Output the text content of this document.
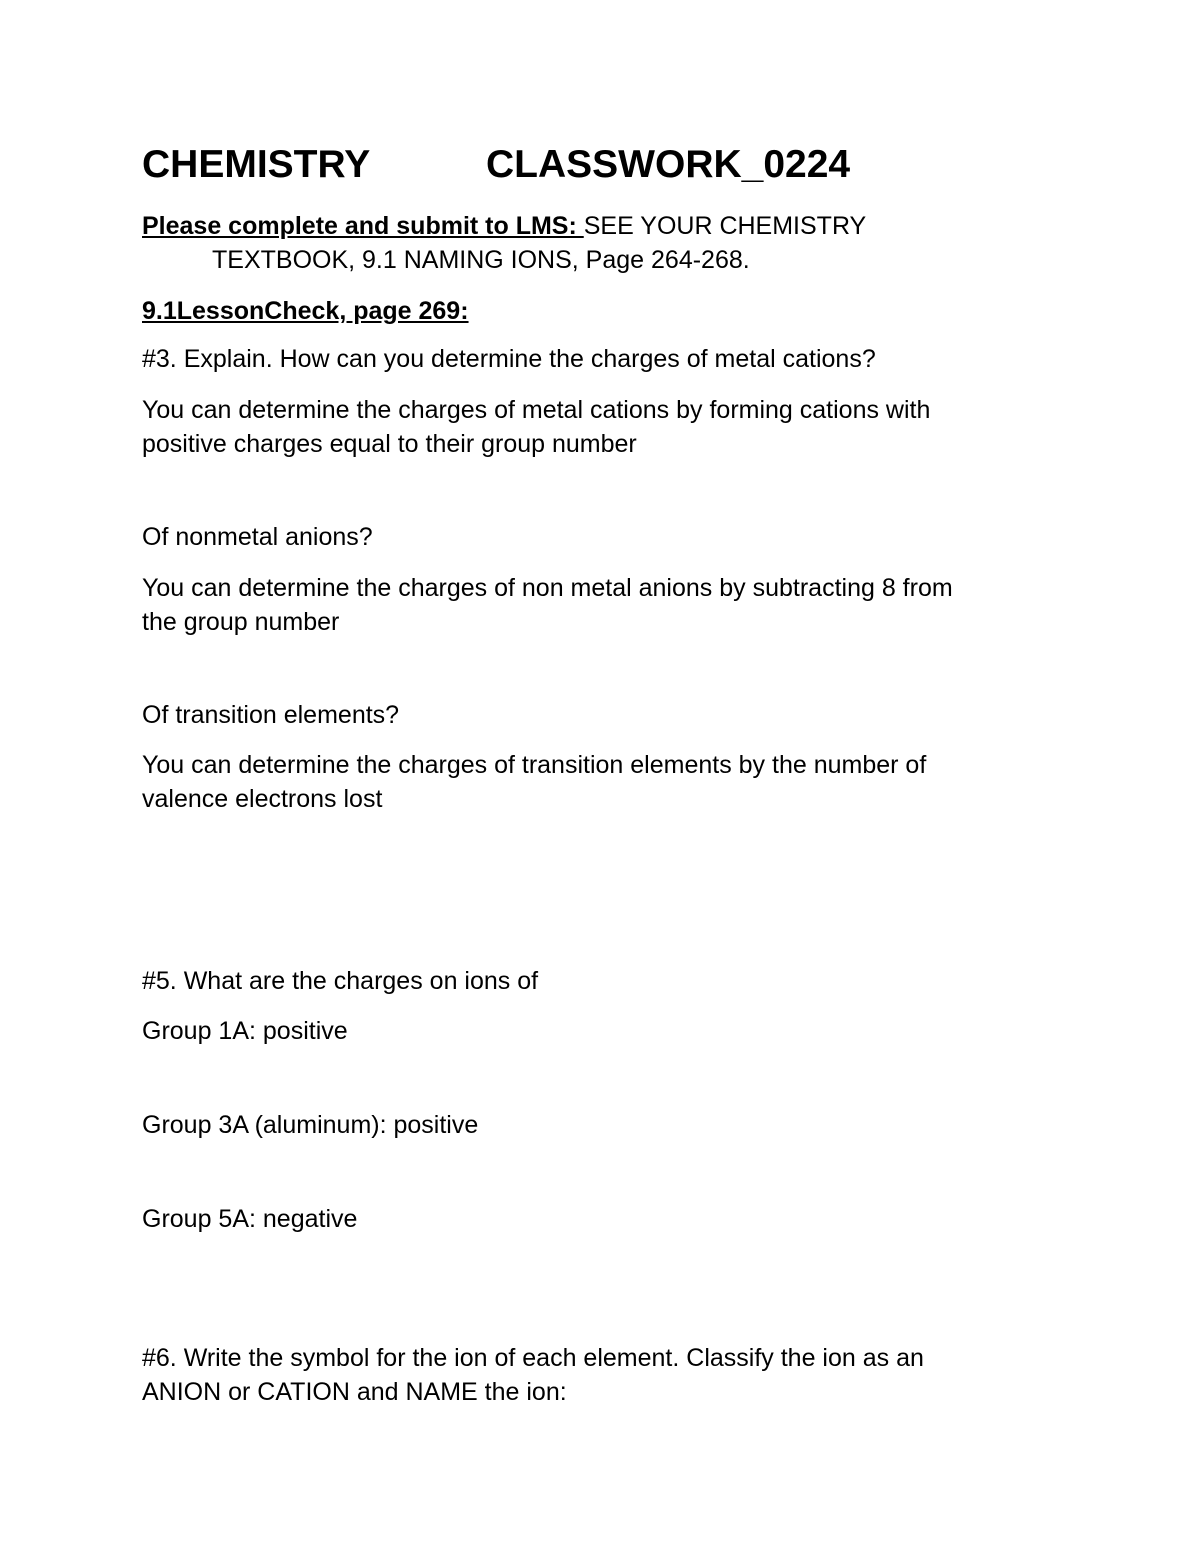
CHEMISTRY	CLASSWORK_0224
Please complete and submit to LMS: SEE YOUR CHEMISTRY
TEXTBOOK, 9.1 NAMING IONS, Page 264-268.
9.1LessonCheck, page 269:
#3. Explain. How can you determine the charges of metal cations?
You can determine the charges of metal cations by forming cations with
positive charges equal to their group number
Of nonmetal anions?
You can determine the charges of non metal anions by subtracting 8 from
the group number
Of transition elements?
You can determine the charges of transition elements by the number of
valence electrons lost
#5. What are the charges on ions of
Group 1A: positive
Group 3A (aluminum): positive
Group 5A: negative
#6. Write the symbol for the ion of each element. Classify the ion as an
ANION or CATION and NAME the ion:
